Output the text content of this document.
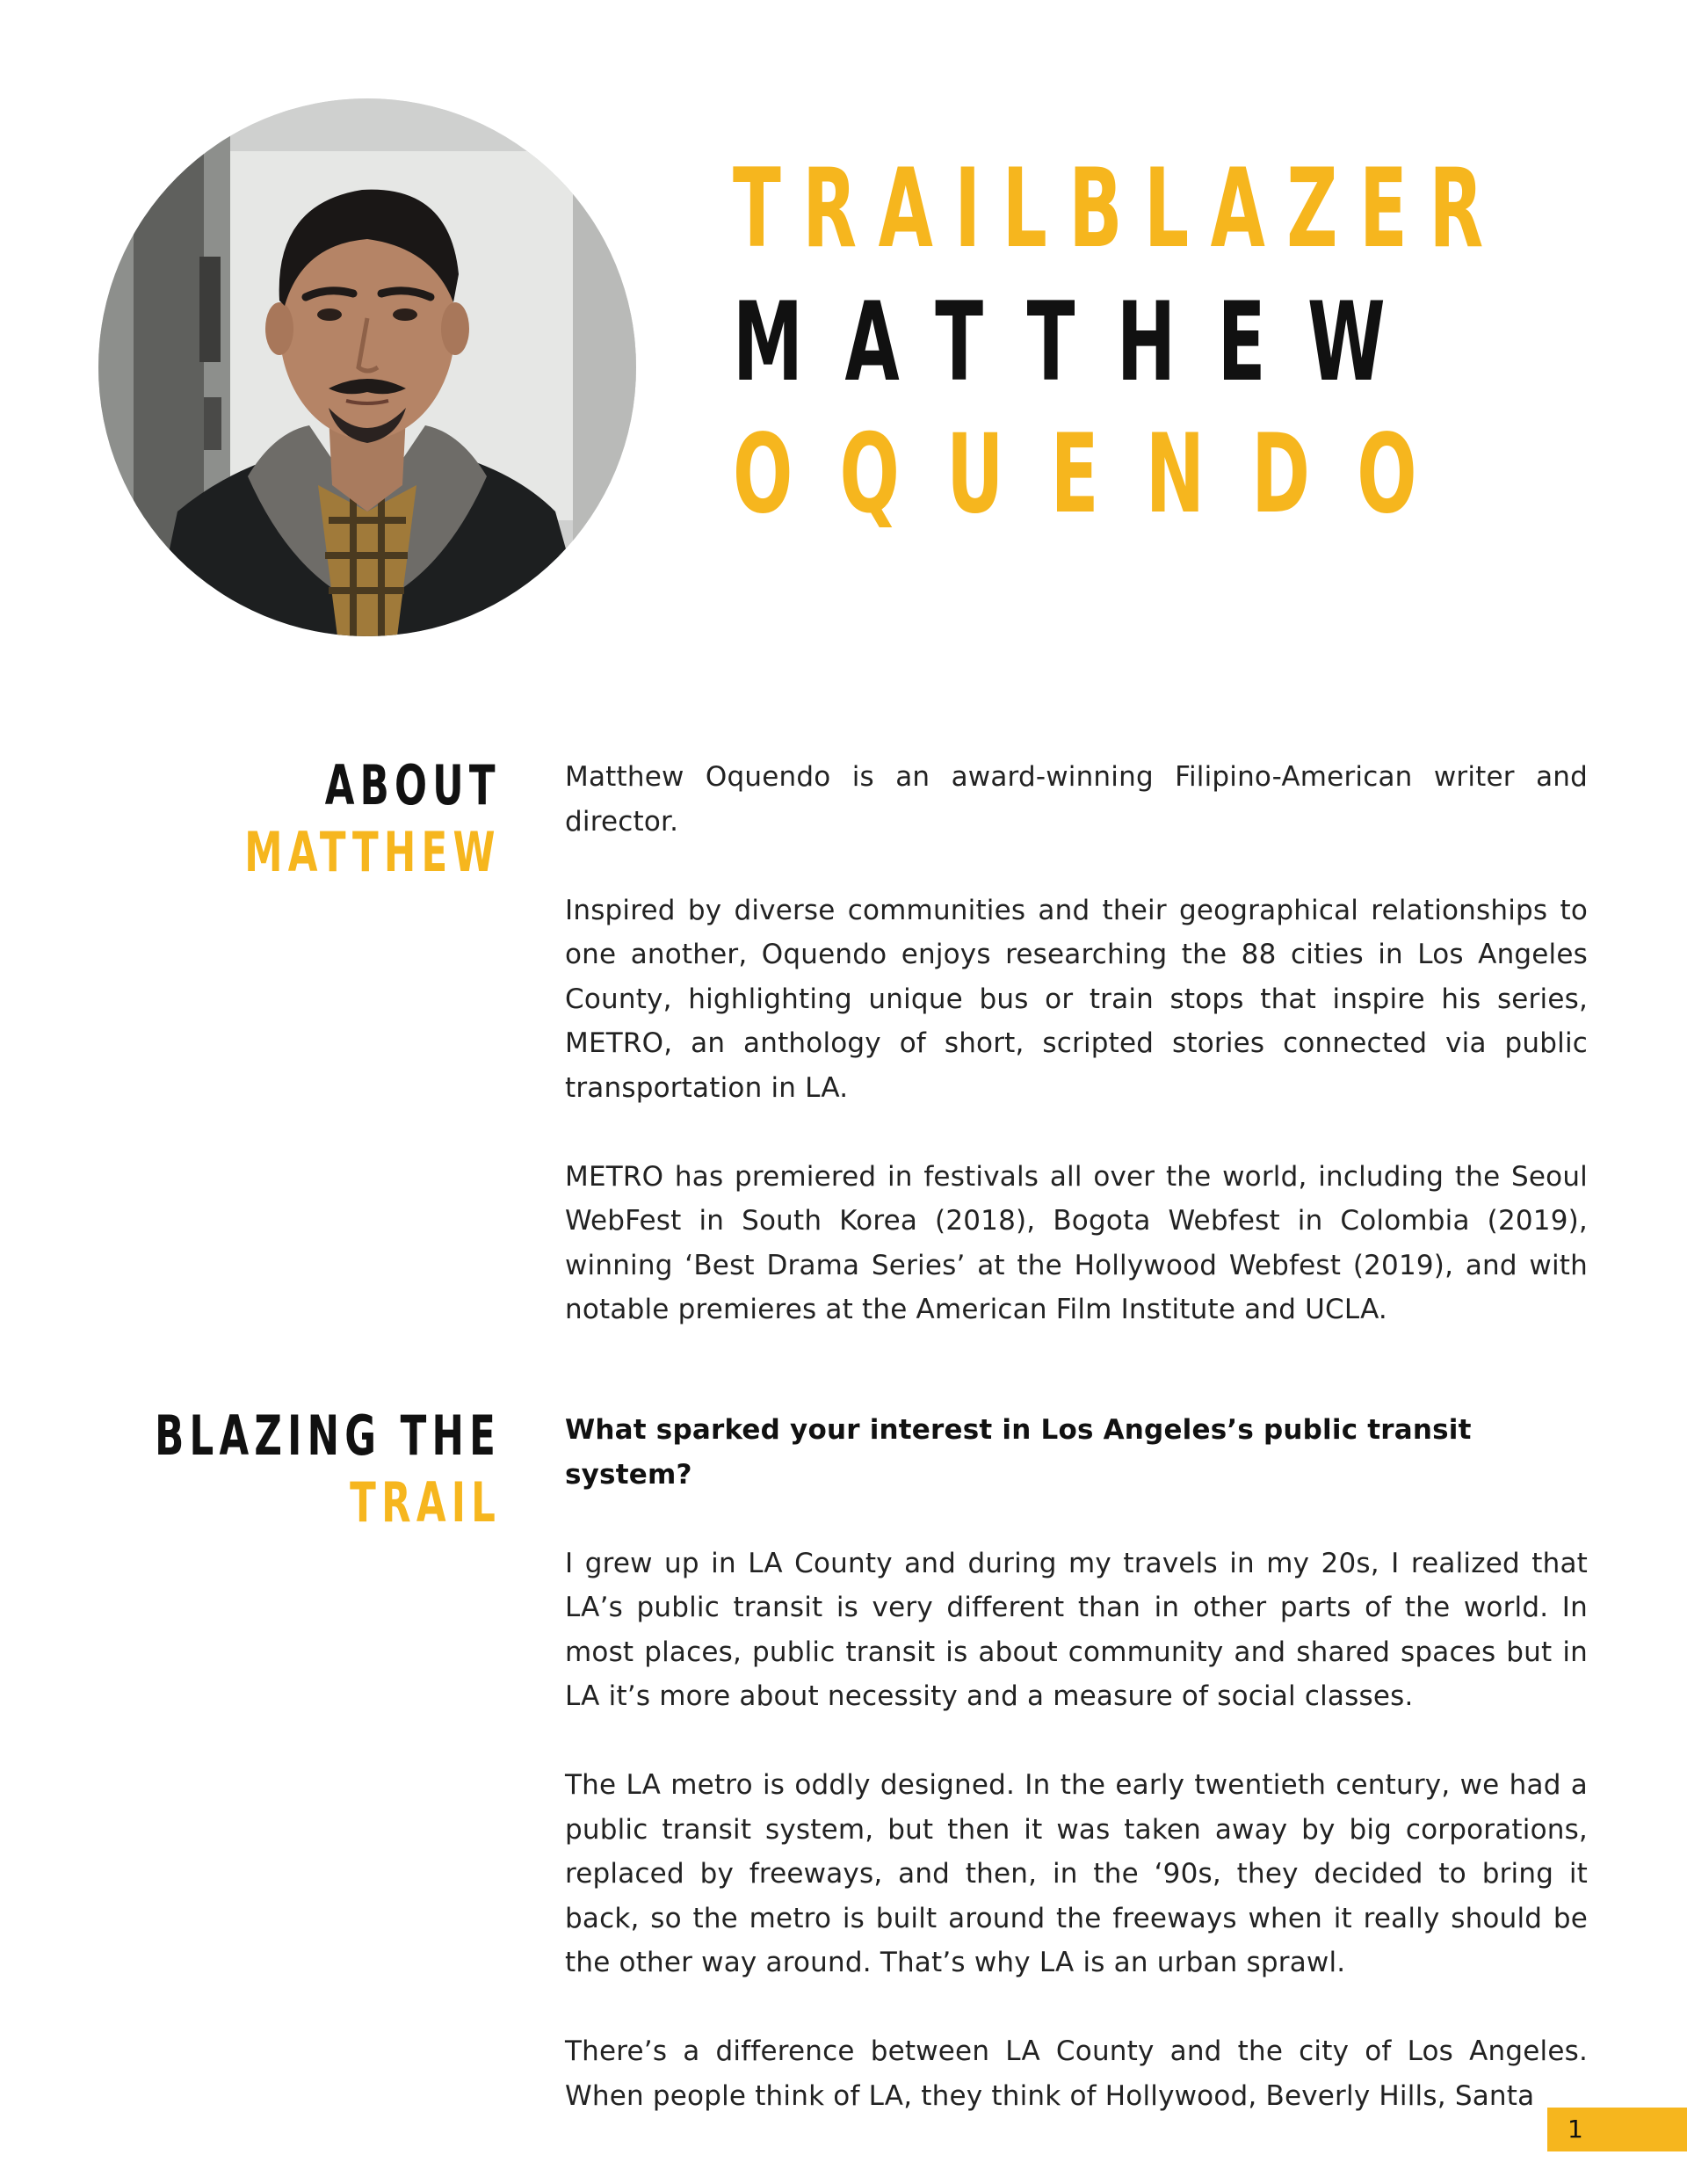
TRAILBLAZER
MATTHEW
OQUENDO
ABOUT
MATTHEW

Matthew Oquendo is an award-winning Filipino-American writer and director.

Inspired by diverse communities and their geographical relationships to one another, Oquendo enjoys researching the 88 cities in Los Angeles County, highlighting unique bus or train stops that inspire his series, METRO, an anthology of short, scripted stories connected via public transportation in LA.

METRO has premiered in festivals all over the world, including the Seoul WebFest in South Korea (2018), Bogota Webfest in Colombia (2019), winning ‘Best Drama Series’ at the Hollywood Webfest (2019), and with notable premieres at the American Film Institute and UCLA.

BLAZING THE
TRAIL

What sparked your interest in Los Angeles’s public transit system?

I grew up in LA County and during my travels in my 20s, I realized that LA’s public transit is very different than in other parts of the world. In most places, public transit is about community and shared spaces but in LA it’s more about necessity and a measure of social classes.

The LA metro is oddly designed. In the early twentieth century, we had a public transit system, but then it was taken away by big corporations, replaced by freeways, and then, in the ‘90s, they decided to bring it back, so the metro is built around the freeways when it really should be the other way around. That’s why LA is an urban sprawl.

There’s a difference between LA County and the city of Los Angeles. When people think of LA, they think of Hollywood, Beverly Hills, Santa

1
